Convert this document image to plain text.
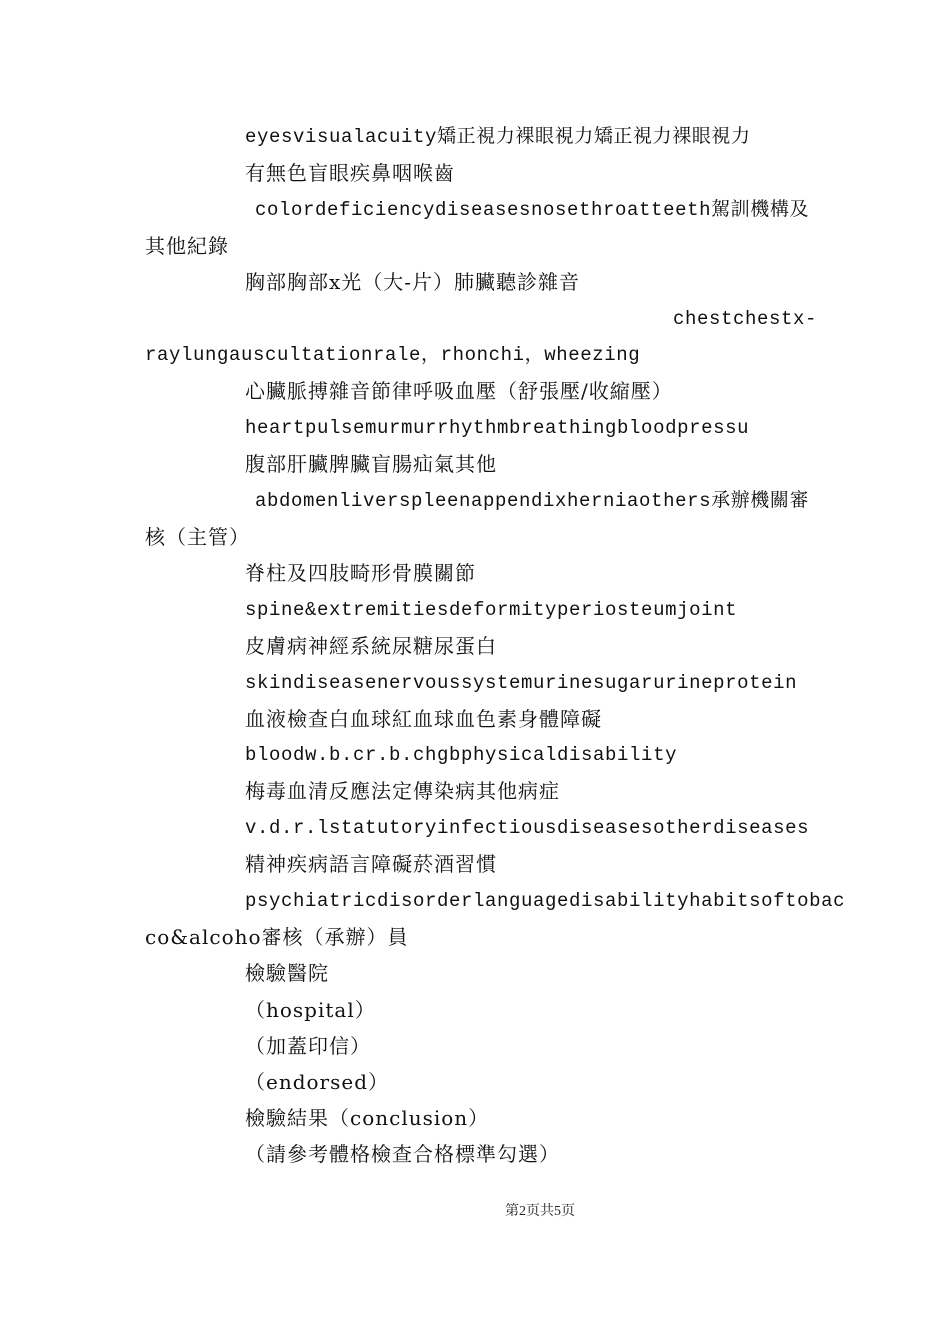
eyesvisualacuity矯正視力裸眼視力矯正視力裸眼視力
有無色盲眼疾鼻咽喉齒
colordeficiencydiseasesnosethroatteeth駕訓機構及
其他紀錄
胸部胸部x光（大-片）肺臟聽診雜音
chestchestx-
raylungauscultationrale，rhonchi，wheezing
心臟脈搏雜音節律呼吸血壓（舒張壓/收縮壓）
heartpulsemurmurrhythmbreathingbloodpressu
腹部肝臟脾臟盲腸疝氣其他
abdomenliverspleenappendixherniaothers承辦機關審
核（主管）
脊柱及四肢畸形骨膜關節
spine&extremitiesdeformityperiosteumjoint
皮膚病神經系統尿糖尿蛋白
skindiseasenervoussystemurinesugarurineprotein
血液檢查白血球紅血球血色素身體障礙
bloodw.b.cr.b.chgbphysicaldisability
梅毒血清反應法定傳染病其他病症
v.d.r.lstatutoryinfectiousdiseasesotherdiseases
精神疾病語言障礙菸酒習慣
psychiatricdisorderlanguagedisabilityhabitsoftobac
co&alcoho審核（承辦）員
檢驗醫院
（hospital）
（加蓋印信）
（endorsed）
檢驗結果（conclusion）
（請參考體格檢查合格標準勾選）
第2页共5页
